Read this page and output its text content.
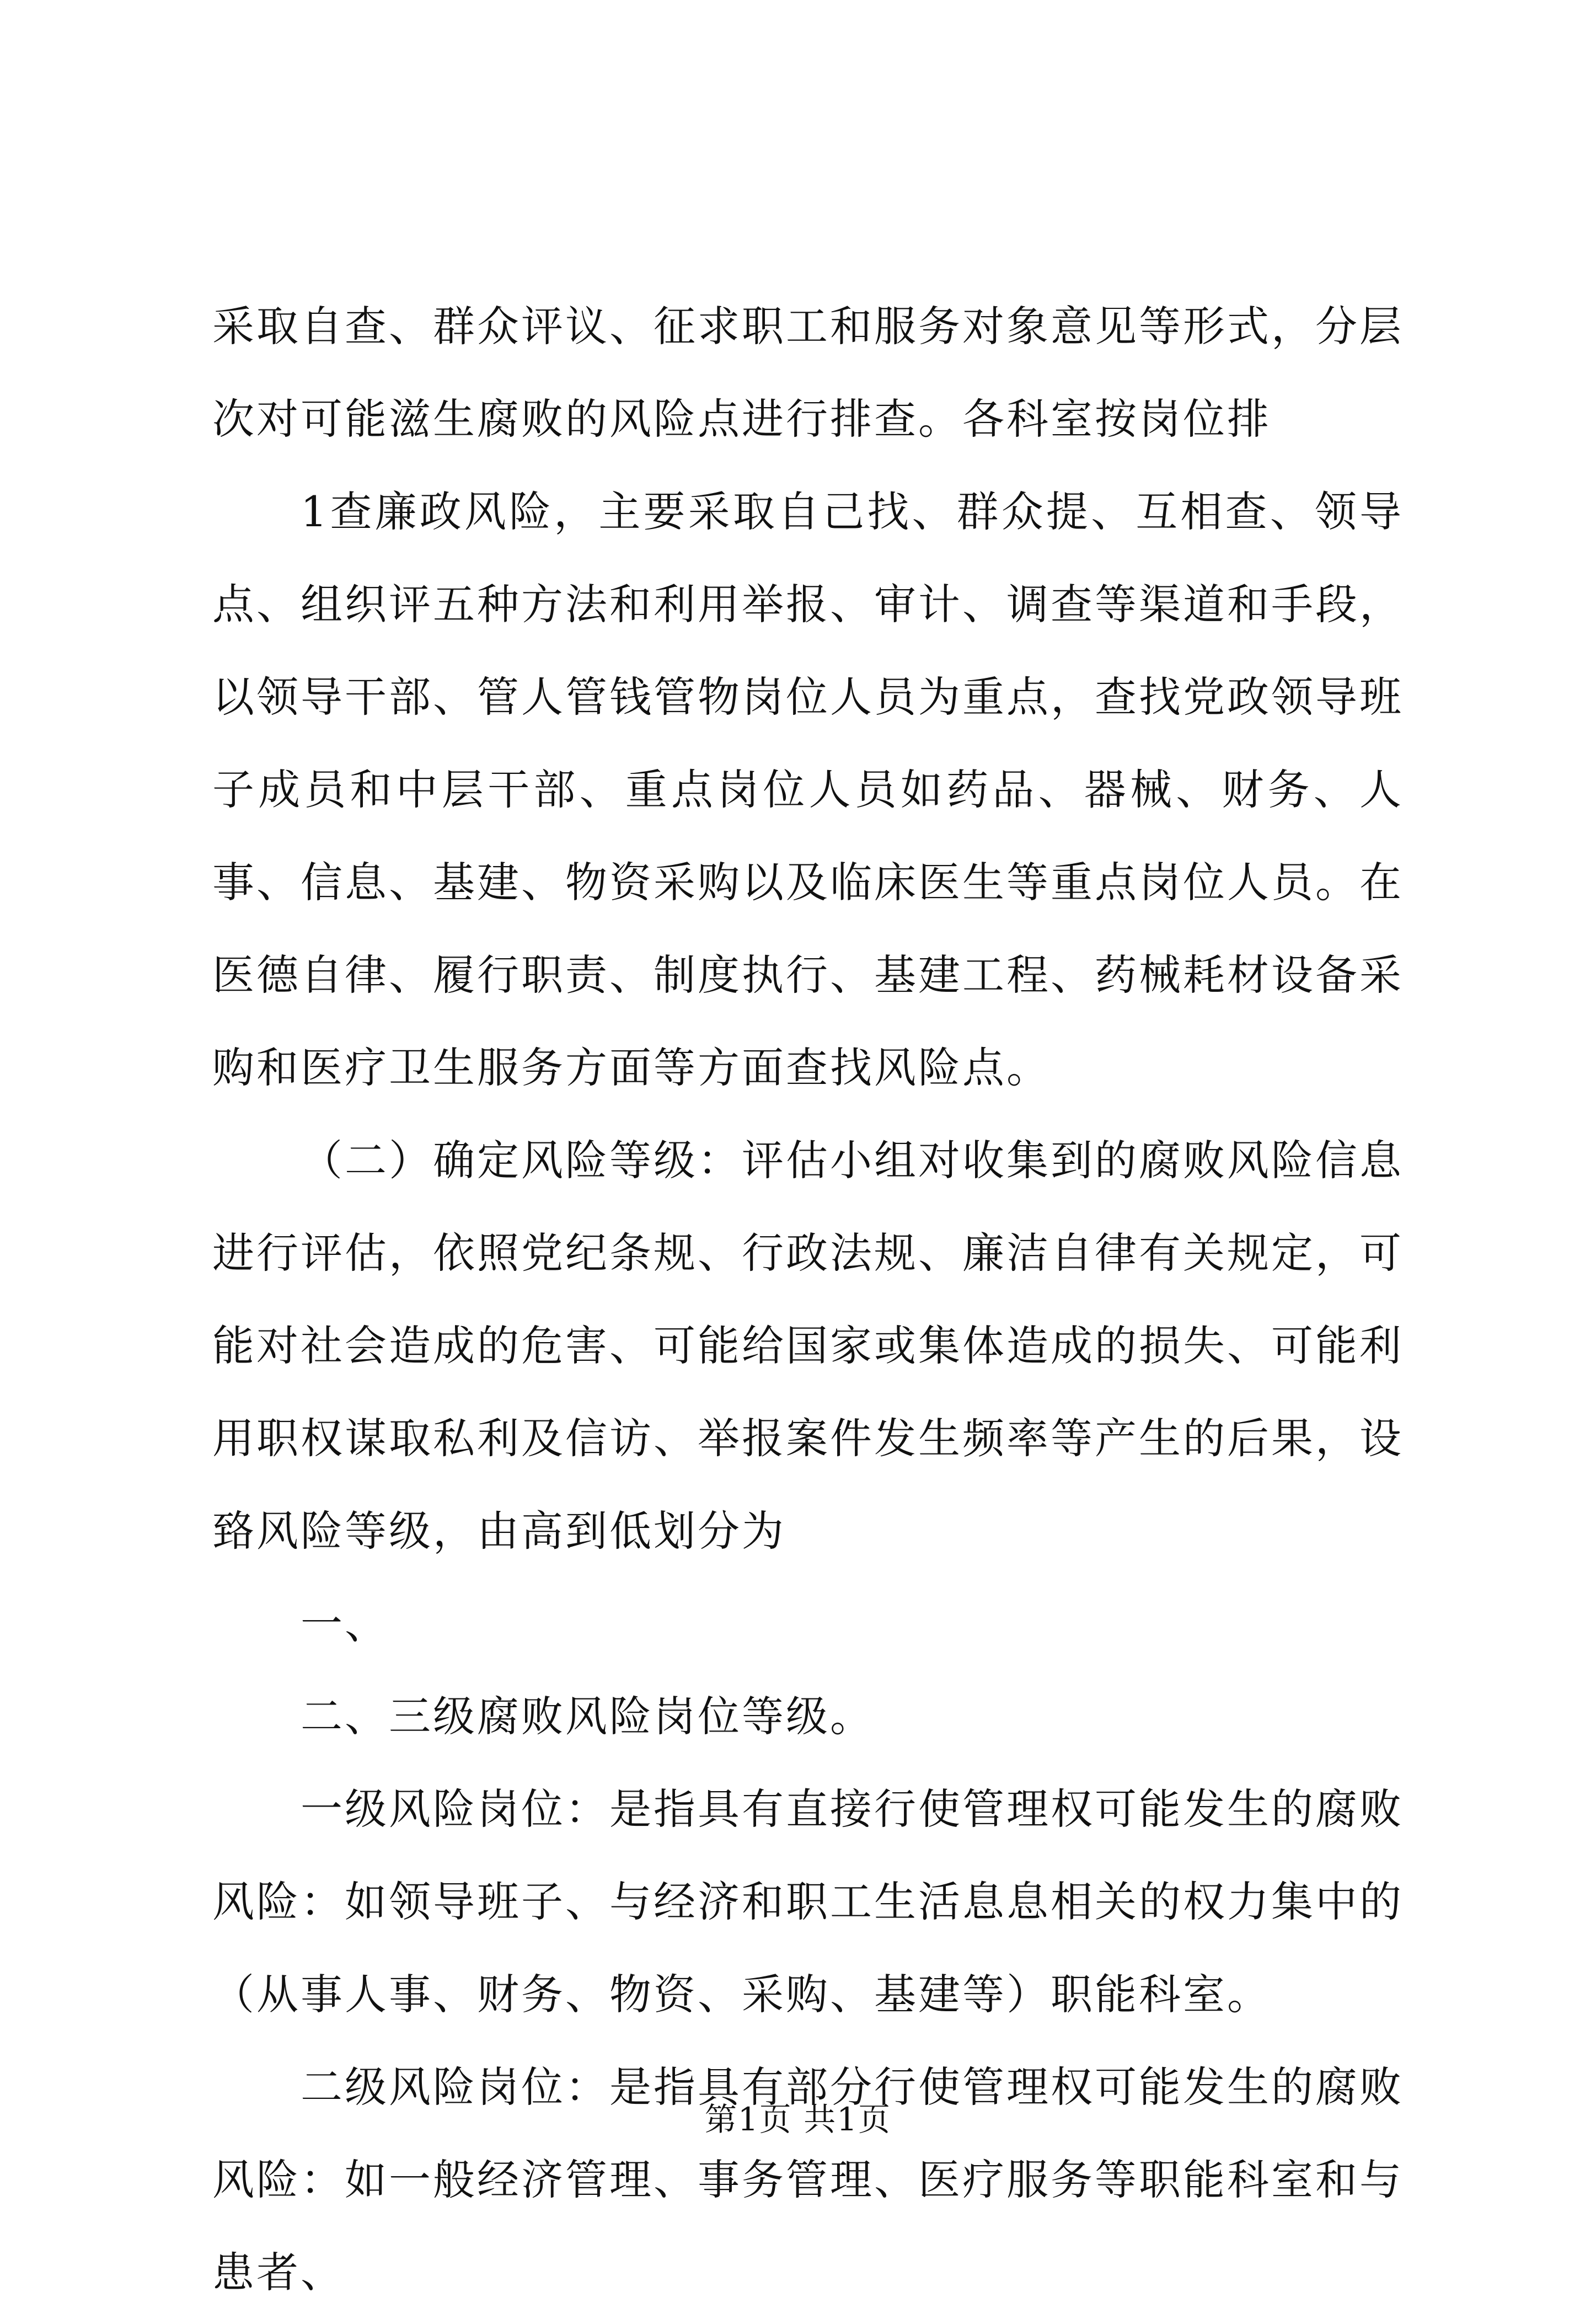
采取自查、群众评议、征求职工和服务对象意见等形式，分层次对可能滋生腐败的风险点进行排查。各科室按岗位排

1查廉政风险，主要采取自己找、群众提、互相查、领导点、组织评五种方法和利用举报、审计、调查等渠道和手段，以领导干部、管人管钱管物岗位人员为重点，查找党政领导班子成员和中层干部、重点岗位人员如药品、器械、财务、人事、信息、基建、物资采购以及临床医生等重点岗位人员。在医德自律、履行职责、制度执行、基建工程、药械耗材设备采购和医疗卫生服务方面等方面查找风险点。

（二）确定风险等级：评估小组对收集到的腐败风险信息进行评估，依照党纪条规、行政法规、廉洁自律有关规定，可能对社会造成的危害、可能给国家或集体造成的损失、可能利用职权谋取私利及信访、举报案件发生频率等产生的后果，设臵风险等级，由高到低划分为

一、

二、三级腐败风险岗位等级。

一级风险岗位：是指具有直接行使管理权可能发生的腐败风险：如领导班子、与经济和职工生活息息相关的权力集中的（从事人事、财务、物资、采购、基建等）职能科室。

二级风险岗位：是指具有部分行使管理权可能发生的腐败风险：如一般经济管理、事务管理、医疗服务等职能科室和与患者、

第1页 共1页
